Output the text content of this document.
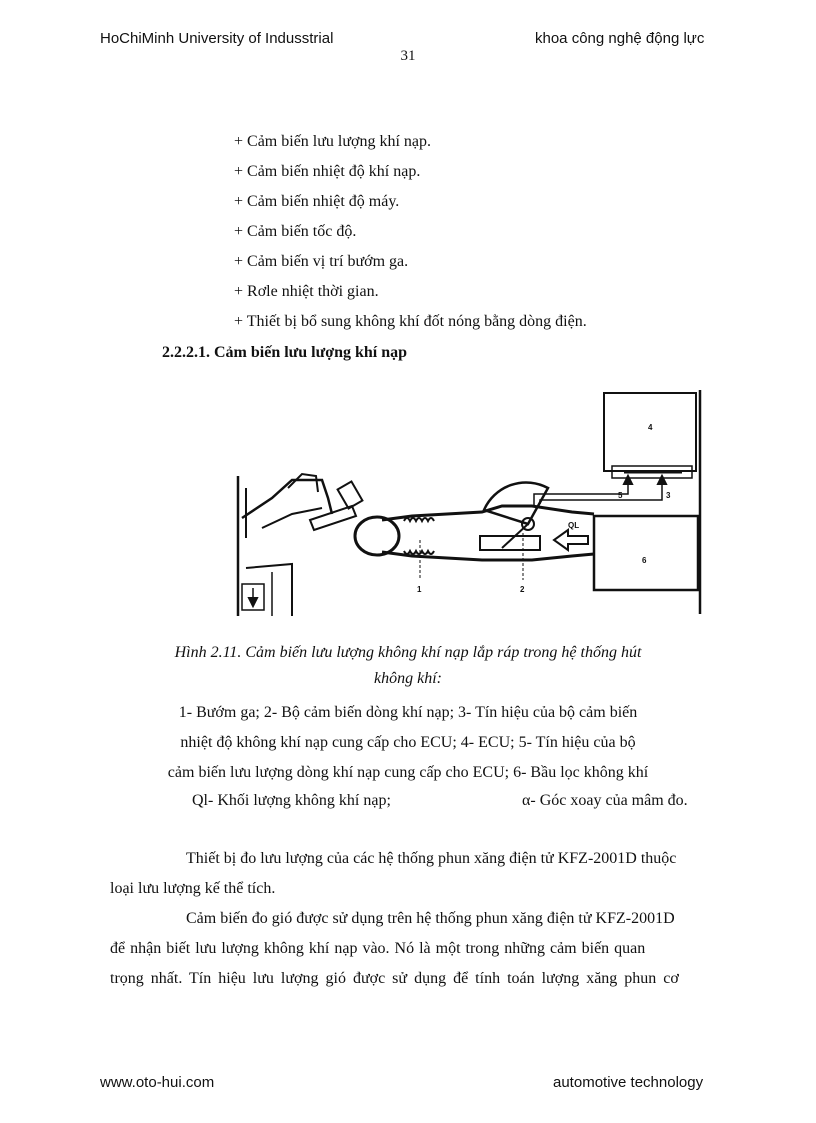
HoChiMinh University of Indusstrial	khoa công nghệ động lực
31
+ Cảm biến lưu lượng khí nạp.
+ Cảm biến nhiệt độ khí nạp.
+ Cảm biến nhiệt độ máy.
+ Cảm biến tốc độ.
+ Cảm biến vị trí bướm ga.
+ Rơle nhiệt thời gian.
+ Thiết bị bổ sung không khí đốt nóng bằng dòng điện.
2.2.2.1. Cảm biến lưu lượng khí nạp
1	2
3
4
5
6
QL
Hình 2.11. Cảm biến lưu lượng không khí nạp lắp ráp trong hệ thống hút
không khí:
1- Bướm ga; 2- Bộ cảm biến dòng khí nạp; 3- Tín hiệu của bộ cảm biến
nhiệt độ không khí nạp cung cấp cho ECU; 4- ECU; 5- Tín hiệu của bộ
cảm biến lưu lượng dòng khí nạp cung cấp cho ECU; 6- Bầu lọc không khí
Ql- Khối lượng không khí nạp;	α- Góc xoay của mâm đo.
Thiết bị đo lưu lượng của các hệ thống phun xăng điện tử KFZ-2001D thuộc
loại lưu lượng kế thể tích.
Cảm biến đo gió được sử dụng trên hệ thống phun xăng điện tử KFZ-2001D
để nhận biết lưu lượng không khí nạp vào. Nó là một trong những cảm biến quan
trọng nhất. Tín hiệu lưu lượng gió được sử dụng để tính toán lượng xăng phun cơ
www.oto-hui.com	automotive technology
